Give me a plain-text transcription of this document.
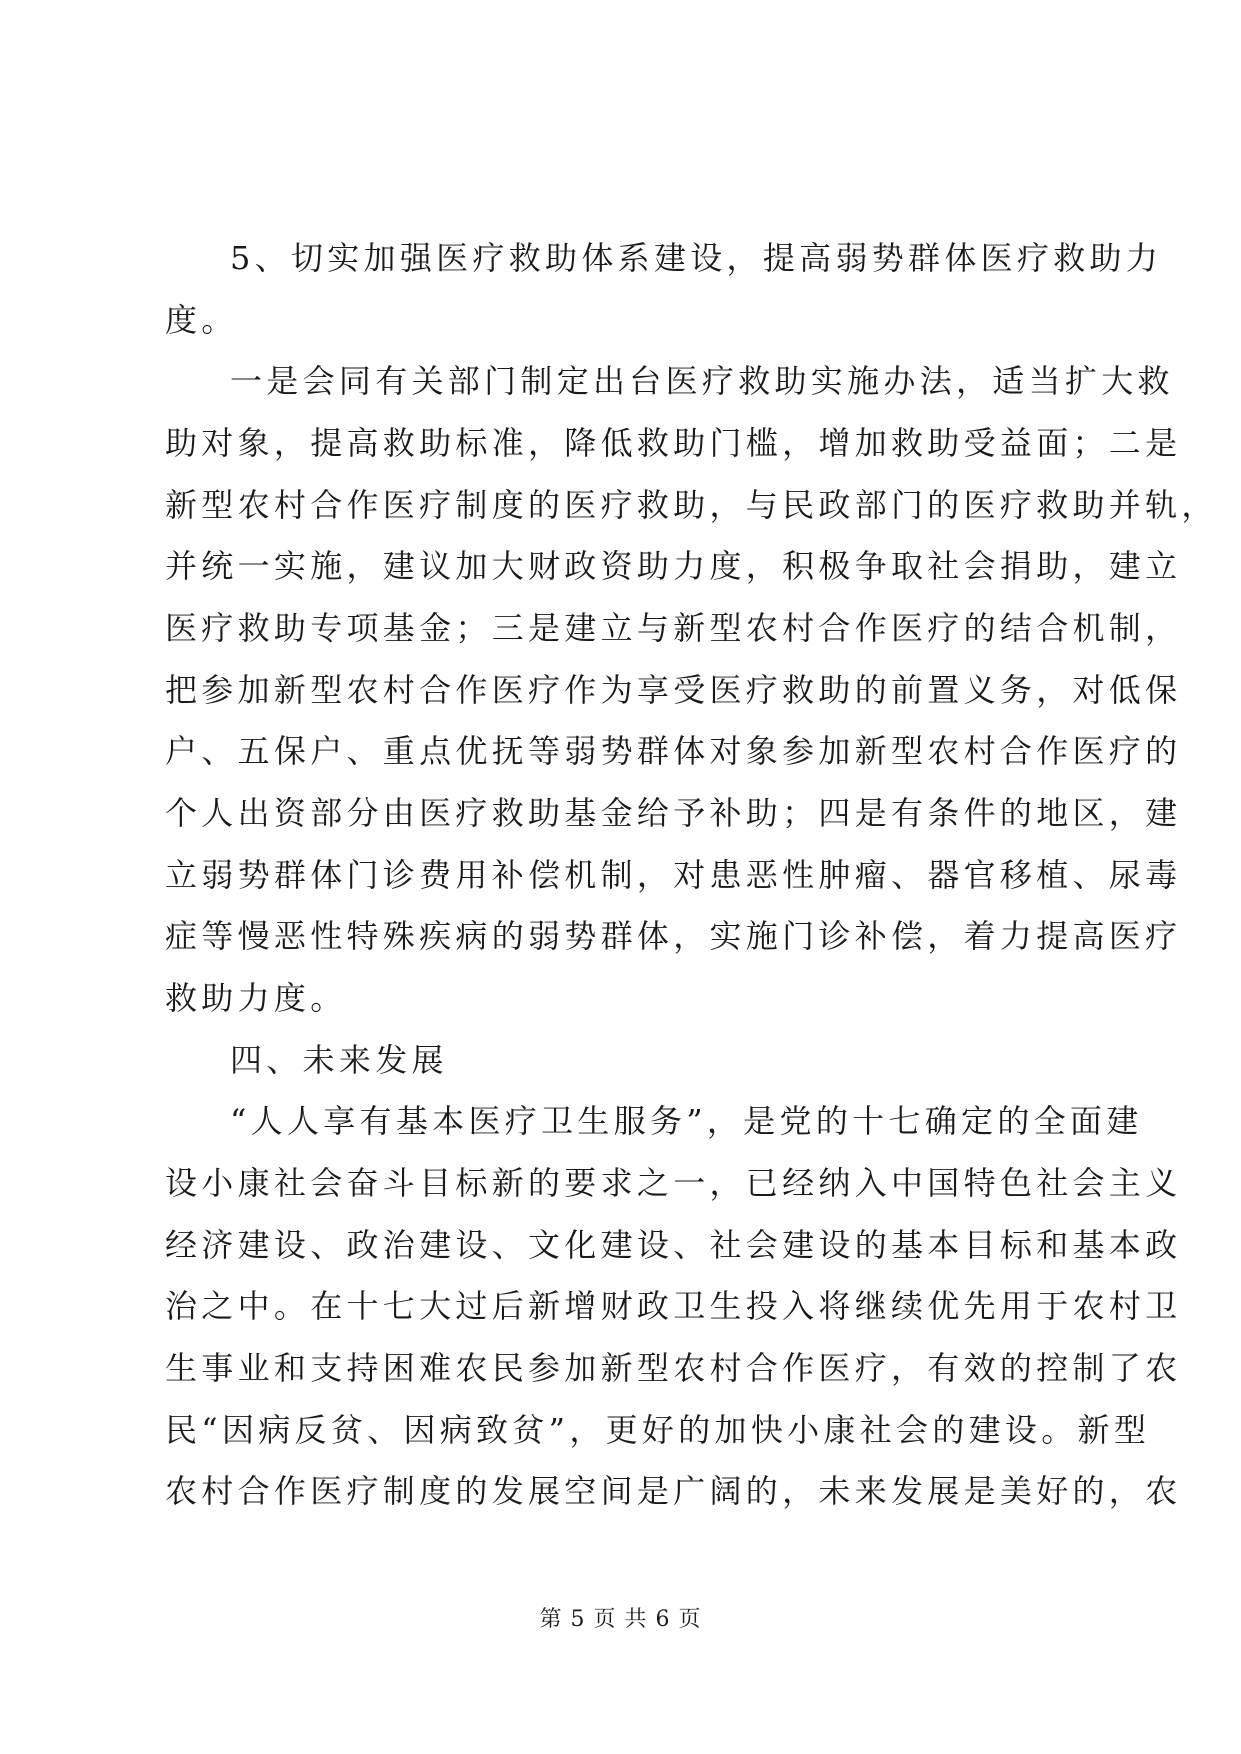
5、切实加强医疗救助体系建设，提高弱势群体医疗救助力
度。
一是会同有关部门制定出台医疗救助实施办法，适当扩大救
助对象，提高救助标准，降低救助门槛，增加救助受益面；二是
新型农村合作医疗制度的医疗救助，与民政部门的医疗救助并轨，
并统一实施，建议加大财政资助力度，积极争取社会捐助，建立
医疗救助专项基金；三是建立与新型农村合作医疗的结合机制，
把参加新型农村合作医疗作为享受医疗救助的前置义务，对低保
户、五保户、重点优抚等弱势群体对象参加新型农村合作医疗的
个人出资部分由医疗救助基金给予补助；四是有条件的地区，建
立弱势群体门诊费用补偿机制，对患恶性肿瘤、器官移植、尿毒
症等慢恶性特殊疾病的弱势群体，实施门诊补偿，着力提高医疗
救助力度。
四、未来发展
“人人享有基本医疗卫生服务”，是党的十七确定的全面建
设小康社会奋斗目标新的要求之一，已经纳入中国特色社会主义
经济建设、政治建设、文化建设、社会建设的基本目标和基本政
治之中。在十七大过后新增财政卫生投入将继续优先用于农村卫
生事业和支持困难农民参加新型农村合作医疗，有效的控制了农
民“因病反贫、因病致贫”，更好的加快小康社会的建设。新型
农村合作医疗制度的发展空间是广阔的，未来发展是美好的，农
第 5 页 共 6 页
